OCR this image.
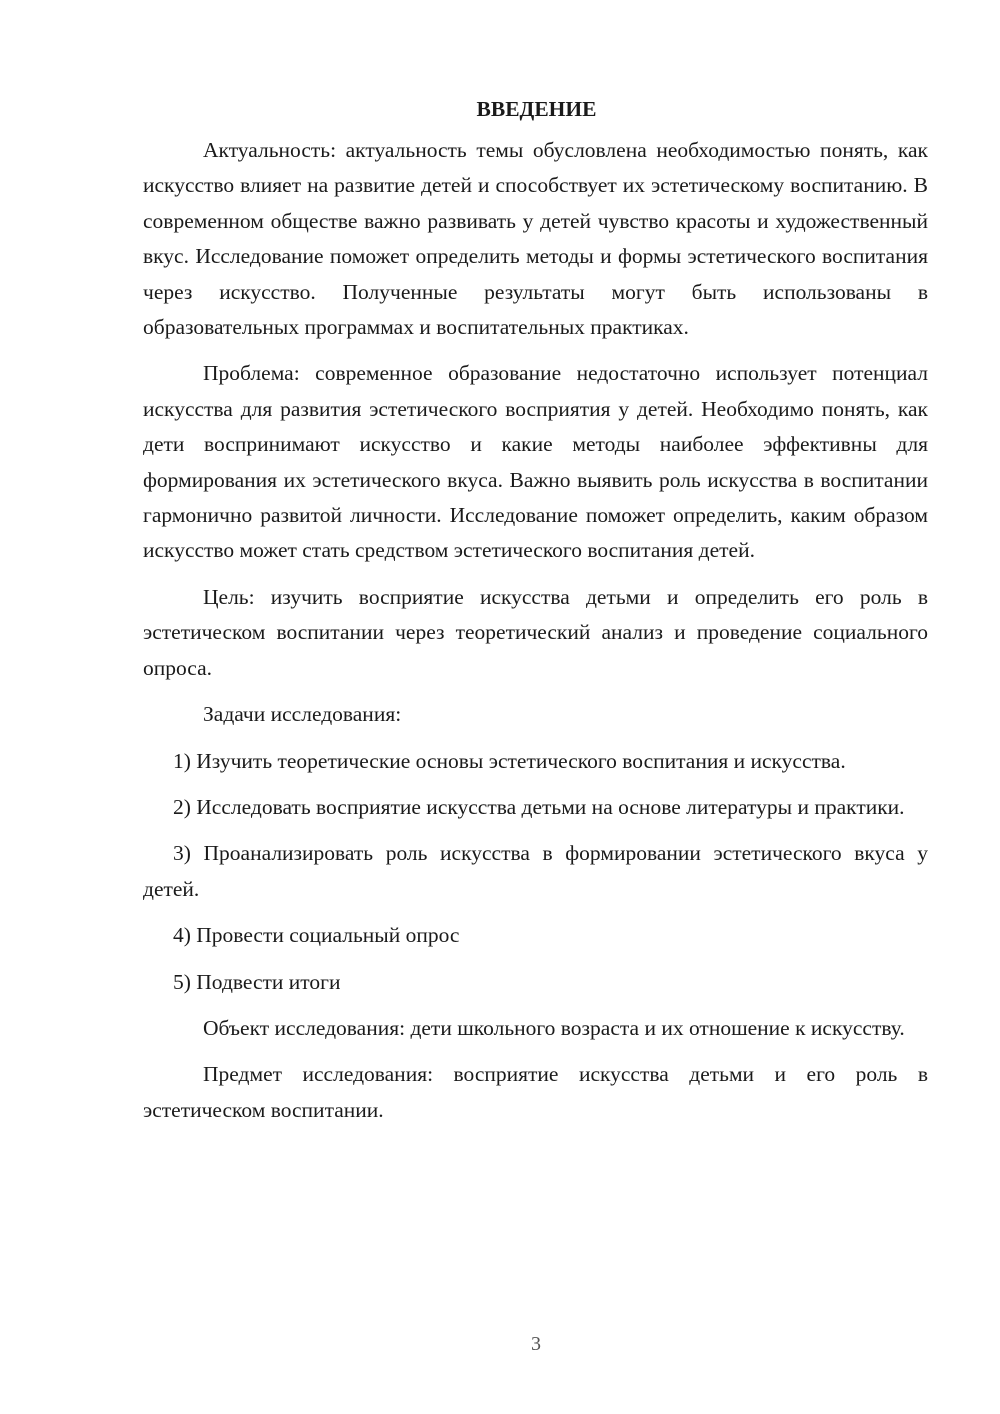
ВВЕДЕНИЕ

Актуальность: актуальность темы обусловлена необходимостью понять, как искусство влияет на развитие детей и способствует их эстетическому воспитанию. В современном обществе важно развивать у детей чувство красоты и художественный вкус. Исследование поможет определить методы и формы эстетического воспитания через искусство. Полученные результаты могут быть использованы в образовательных программах и воспитательных практиках.

Проблема: современное образование недостаточно использует потенциал искусства для развития эстетического восприятия у детей. Необходимо понять, как дети воспринимают искусство и какие методы наиболее эффективны для формирования их эстетического вкуса. Важно выявить роль искусства в воспитании гармонично развитой личности. Исследование поможет определить, каким образом искусство может стать средством эстетического воспитания детей.

Цель: изучить восприятие искусства детьми и определить его роль в эстетическом воспитании через теоретический анализ и проведение социального опроса.

Задачи исследования:

1) Изучить теоретические основы эстетического воспитания и искусства.

2) Исследовать восприятие искусства детьми на основе литературы и практики.

3) Проанализировать роль искусства в формировании эстетического вкуса у детей.

4) Провести социальный опрос

5) Подвести итоги

Объект исследования: дети школьного возраста и их отношение к искусству.

Предмет исследования: восприятие искусства детьми и его роль в эстетическом воспитании.

3
